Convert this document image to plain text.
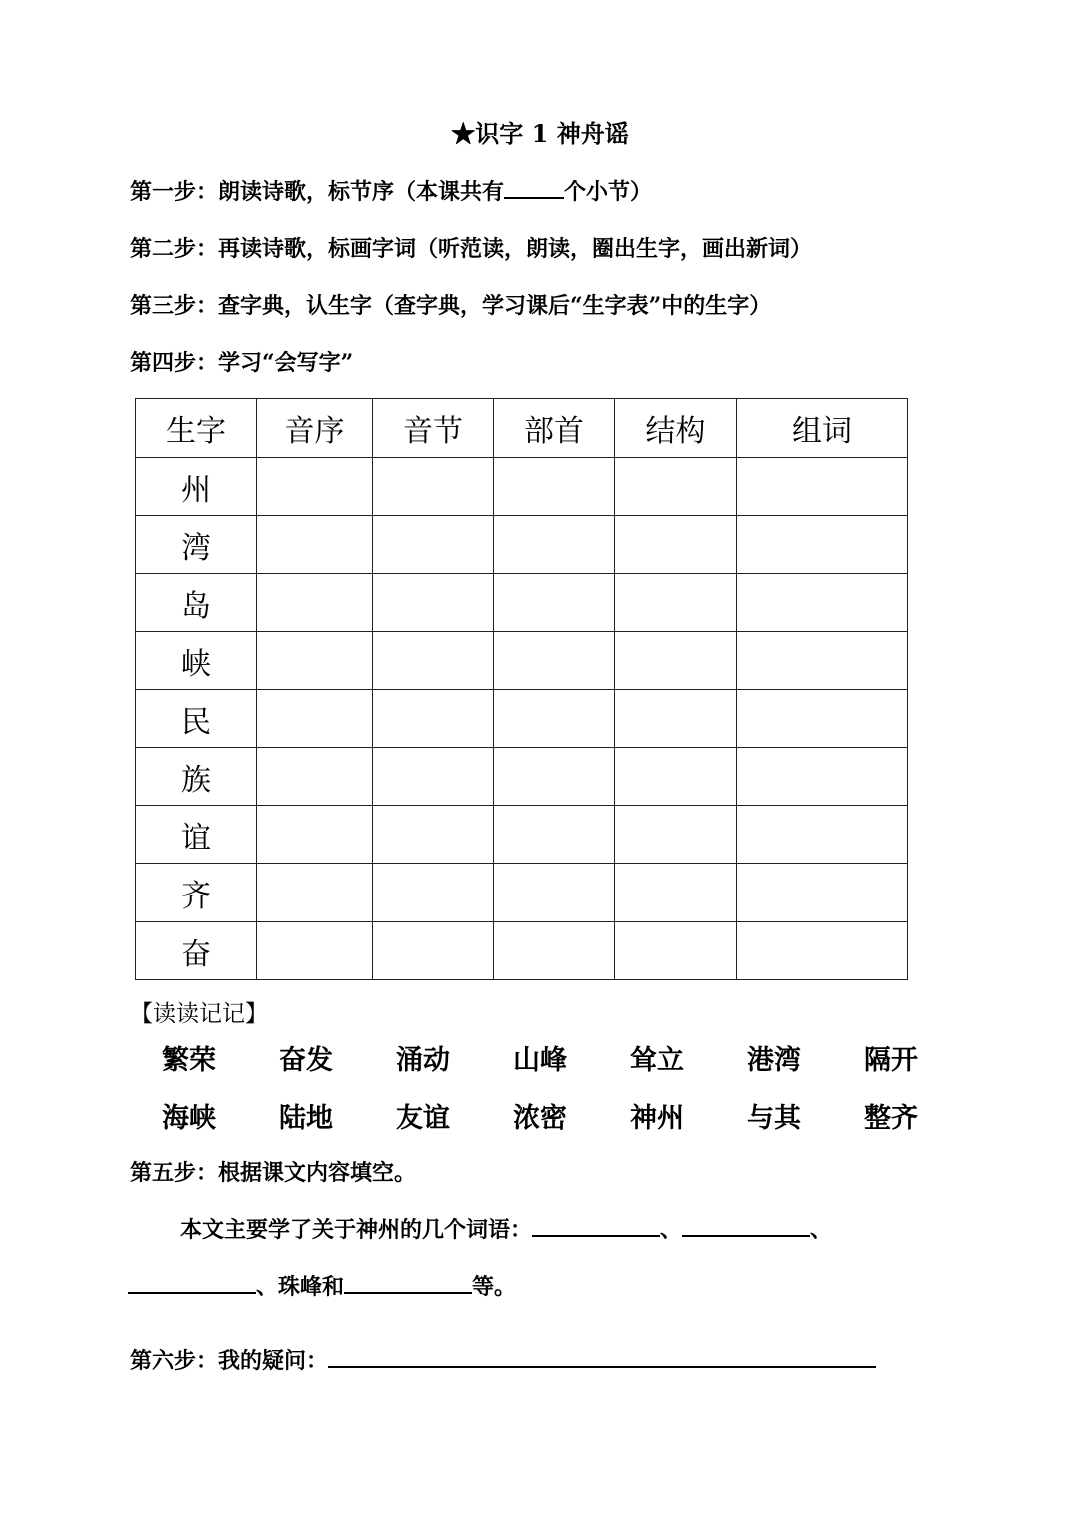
★识字 1 神舟谣
第一步：朗读诗歌，标节序（本课共有	个小节）
第二步：再读诗歌，标画字词（听范读，朗读，圈出生字，画出新词）
第三步：查字典，认生字（查字典，学习课后“生字表”中的生字）
第四步：学习“会写字”
生字	音序	音节	部首	结构	组词
州					
湾					
岛					
峡					
民					
族					
谊					
齐					
奋					
【读读记记】
繁荣 奋发 涌动 山峰 耸立 港湾 隔开
海峡 陆地 友谊 浓密 神州 与其 整齐
第五步：根据课文内容填空。
本文主要学了关于神州的几个词语：	、	、
、珠峰和	等。
第六步：我的疑问：
